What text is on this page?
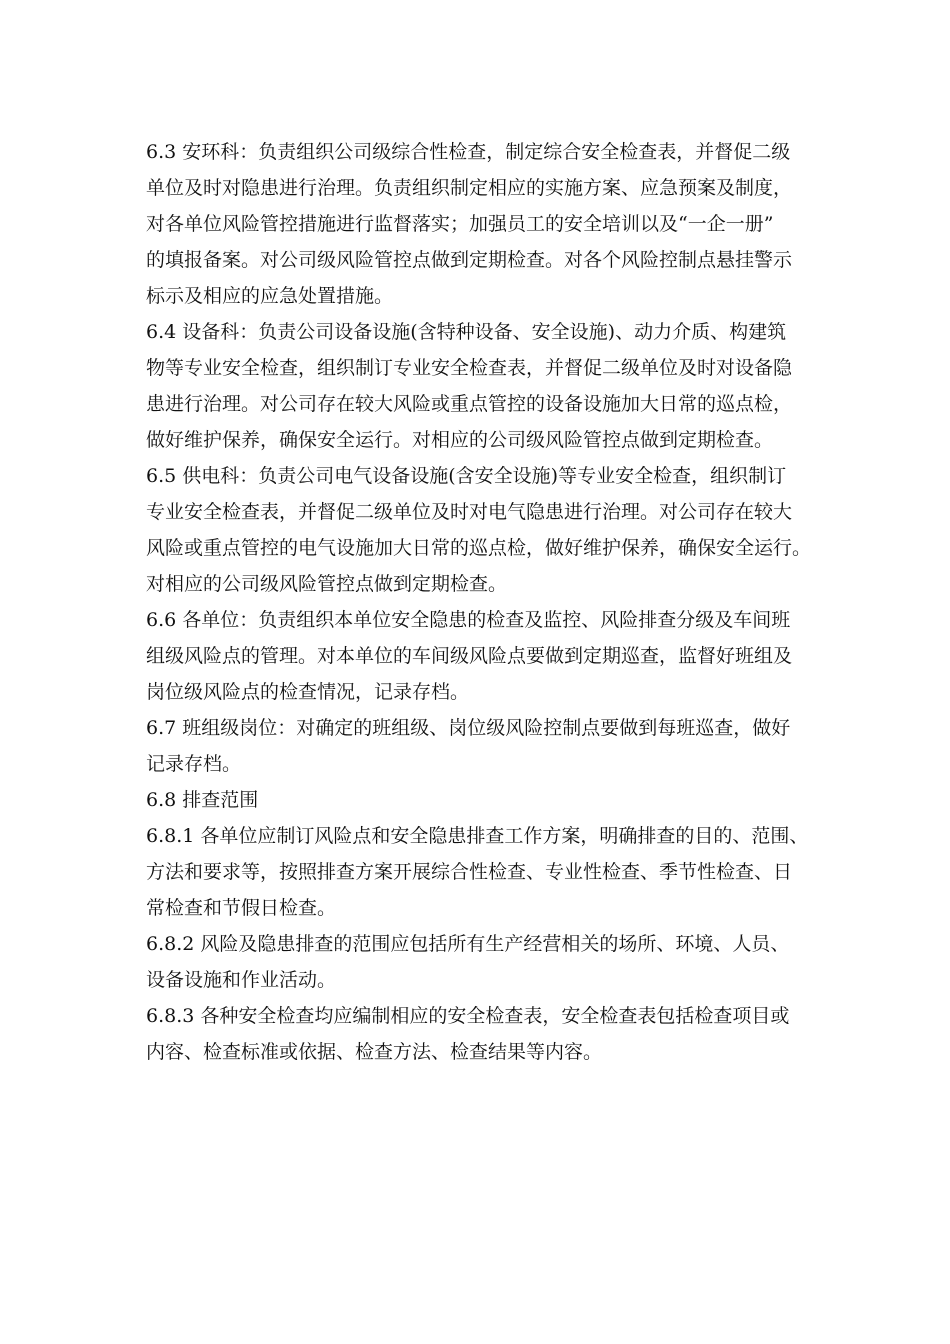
6.3 安环科：负责组织公司级综合性检查，制定综合安全检查表，并督促二级
单位及时对隐患进行治理。负责组织制定相应的实施方案、应急预案及制度，
对各单位风险管控措施进行监督落实；加强员工的安全培训以及“一企一册”
的填报备案。对公司级风险管控点做到定期检查。对各个风险控制点悬挂警示
标示及相应的应急处置措施。
6.4 设备科：负责公司设备设施(含特种设备、安全设施)、动力介质、构建筑
物等专业安全检查，组织制订专业安全检查表，并督促二级单位及时对设备隐
患进行治理。对公司存在较大风险或重点管控的设备设施加大日常的巡点检，
做好维护保养，确保安全运行。对相应的公司级风险管控点做到定期检查。
6.5 供电科：负责公司电气设备设施(含安全设施)等专业安全检查，组织制订
专业安全检查表，并督促二级单位及时对电气隐患进行治理。对公司存在较大
风险或重点管控的电气设施加大日常的巡点检，做好维护保养，确保安全运行。
对相应的公司级风险管控点做到定期检查。
6.6 各单位：负责组织本单位安全隐患的检查及监控、风险排查分级及车间班
组级风险点的管理。对本单位的车间级风险点要做到定期巡查，监督好班组及
岗位级风险点的检查情况，记录存档。
6.7 班组级岗位：对确定的班组级、岗位级风险控制点要做到每班巡查，做好
记录存档。
6.8 排查范围
6.8.1 各单位应制订风险点和安全隐患排查工作方案，明确排查的目的、范围、
方法和要求等，按照排查方案开展综合性检查、专业性检查、季节性检查、日
常检查和节假日检查。
6.8.2 风险及隐患排查的范围应包括所有生产经营相关的场所、环境、人员、
设备设施和作业活动。
6.8.3 各种安全检查均应编制相应的安全检查表，安全检查表包括检查项目或
内容、检查标准或依据、检查方法、检查结果等内容。
